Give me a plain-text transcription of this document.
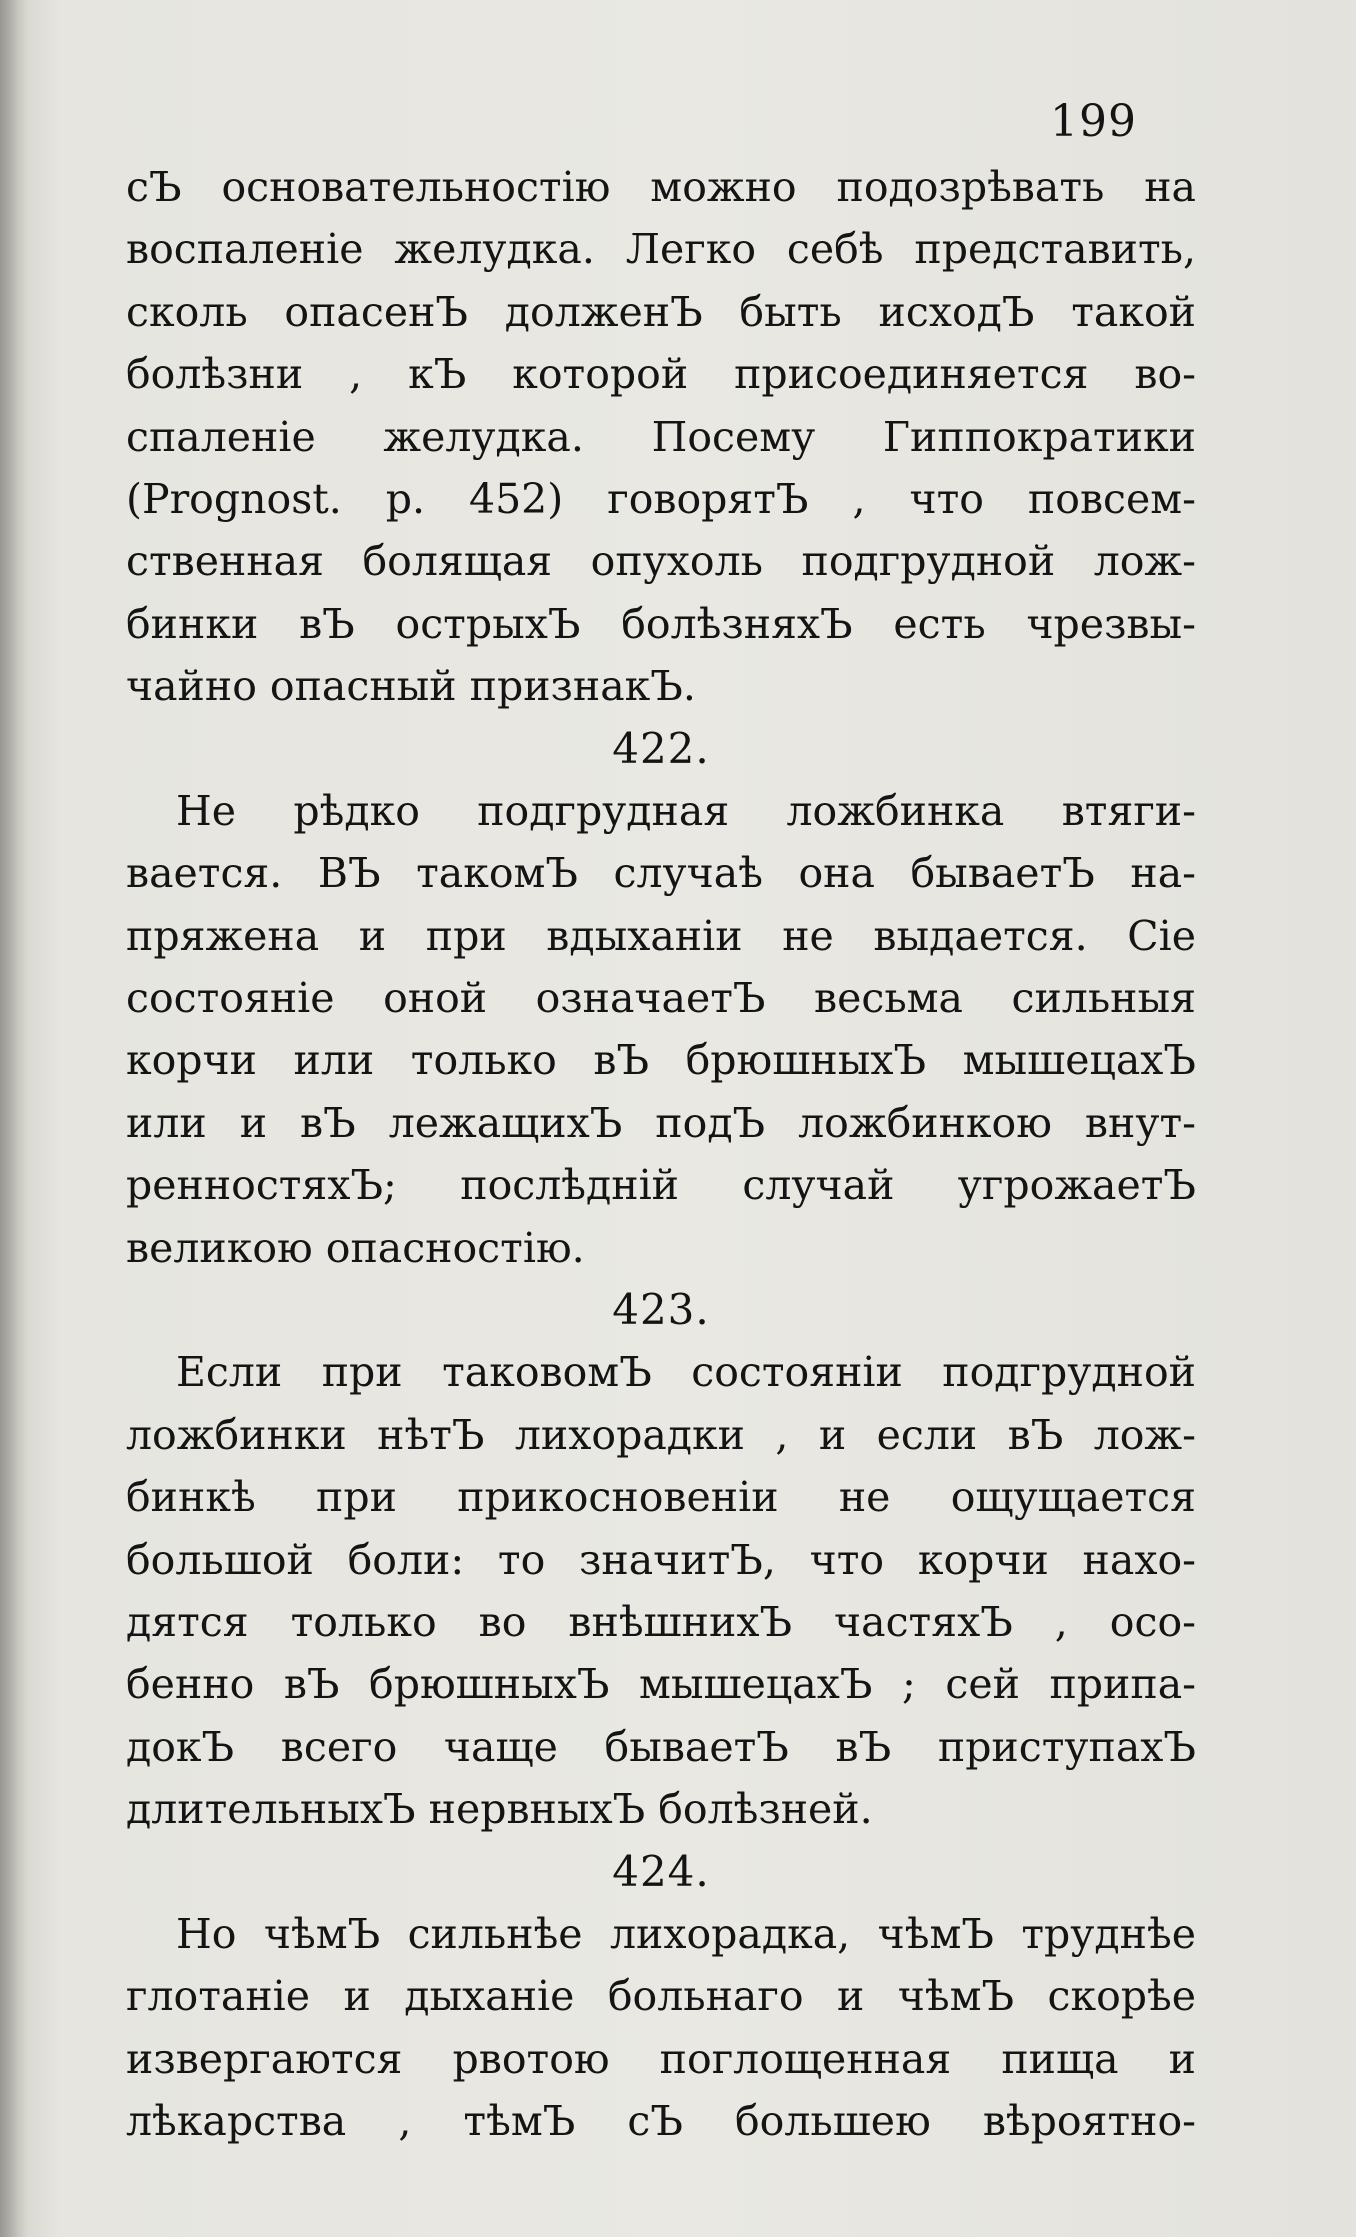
199
сЪ основательностію можно подозрѣвать на
воспаленіе желудка. Легко себѣ представить,
сколь опасенЪ долженЪ быть исходЪ такой
болѣзни , кЪ которой присоединяется во-
спаленіе желудка. Посему Гиппократики
(Prognost. p. 452) говорятЪ , что повсем-
ственная болящая опухоль подгрудной лож-
бинки вЪ острыхЪ болѣзняхЪ есть чрезвы-
чайно опасный признакЪ.
422.
Не рѣдко подгрудная ложбинка втяги-
вается. ВЪ такомЪ случаѣ она бываетЪ на-
пряжена и при вдыханіи не выдается. Сіе
состояніе оной означаетЪ весьма сильныя
корчи или только вЪ брюшныхЪ мышецахЪ
или и вЪ лежащихЪ подЪ ложбинкою внут-
ренностяхЪ; послѣдній случай угрожаетЪ
великою опасностію.
423.
Если при таковомЪ состояніи подгрудной
ложбинки нѣтЪ лихорадки , и если вЪ лож-
бинкѣ при прикосновеніи не ощущается
большой боли: то значитЪ, что корчи нахо-
дятся только во внѣшнихЪ частяхЪ , осо-
бенно вЪ брюшныхЪ мышецахЪ ; сей припа-
докЪ всего чаще бываетЪ вЪ приступахЪ
длительныхЪ нервныхЪ болѣзней.
424.
Но чѣмЪ сильнѣе лихорадка, чѣмЪ труднѣе
глотаніе и дыханіе больнаго и чѣмЪ скорѣе
извергаются рвотою поглощенная пища и
лѣкарства , тѣмЪ сЪ большею вѣроятно-
